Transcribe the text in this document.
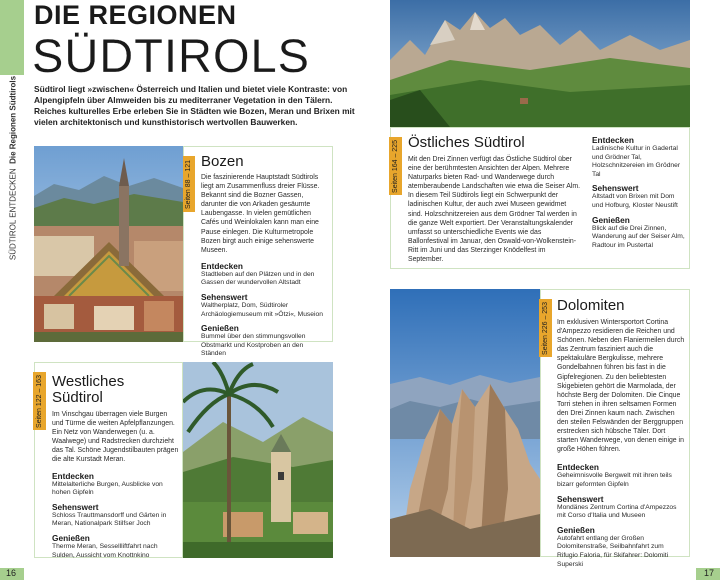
SÜDTIROL ENTDECKEN  Die Regionen Südtirols
DIE REGIONEN
SÜDTIROLS
Südtirol liegt »zwischen« Österreich und Italien und bietet viele Kontraste: von Alpengipfeln über Almweiden bis zu mediterraner Vegetation in den Tälern. Reiches kulturelles Erbe erleben Sie in Städten wie Bozen, Meran und Brixen mit vielen architektonisch und kunsthistorisch wertvollen Bauwerken.
Seiten 88 – 121 Bozen
Die faszinierende Hauptstadt Südtirols liegt am Zusammenfluss dreier Flüsse. Bekannt sind die Bozner Gassen, darunter die von Arkaden gesäumte Laubengasse. In vielen gemütlichen Cafés und Weinlokalen kann man eine Pause einlegen. Die Kulturmetropole Bozen birgt auch einige sehenswerte Museen.
Entdecken
Stadtleben auf den Plätzen und in den Gassen der wundervollen Altstadt
Sehenswert
Waltherplatz, Dom, Südtiroler Archäologiemuseum mit »Ötzi«, Museion
Genießen
Bummel über den stimmungsvollen Obstmarkt und Kostproben an den Ständen
Seiten 122 – 163 Westliches
Südtirol
Im Vinschgau überragen viele Burgen und Türme die weiten Apfelpflanzungen. Ein Netz von Wanderwegen (u. a. Waalwege) und Radstrecken durchzieht das Tal. Schöne Jugendstilbauten prägen die alte Kurstadt Meran.
Entdecken
Mittelalterliche Burgen, Ausblicke von hohen Gipfeln
Sehenswert
Schloss Trauttmansdorff und Gärten in Meran, Nationalpark Stilfser Joch
Genießen
Therme Meran, Sessellliftfahrt nach Sulden, Aussicht vom Knottnkino
16
Seiten 164 – 225 Östliches Südtirol
Mit den Drei Zinnen verfügt das Östliche Südtirol über eine der berühmtesten Ansichten der Alpen. Mehrere Naturparks bieten Rad- und Wanderwege durch atemberaubende Landschaften wie etwa die Seiser Alm. In diesem Teil Südtirols liegt ein Schwerpunkt der ladinischen Kultur, der auch zwei Museen gewidmet sind. Holzschnitzereien aus dem Grödner Tal werden in die ganze Welt exportiert. Der Veranstaltungskalender umfasst so unterschiedliche Events wie das Ballonfestival im Januar, den Oswald-von-Wolkenstein-Ritt im Juni und das Sterzinger Knödelfest im September.
Entdecken
Ladinische Kultur in Gadertal und Grödner Tal, Holzschnitzereien im Grödner Tal
Sehenswert
Altstadt von Brixen mit Dom und Hofburg, Kloster Neustift
Genießen
Blick auf die Drei Zinnen, Wanderung auf der Seiser Alm, Radtour im Pustertal
Seiten 226 – 253 Dolomiten
Im exklusiven Wintersportort Cortina d'Ampezzo residieren die Reichen und Schönen. Neben den Flaniermeilen durch das Zentrum fasziniert auch die spektakuläre Bergkulisse, mehrere Gondelbahnen führen bis fast in die Gipfelregionen. Zu den beliebtesten Skigebieten gehört die Marmolada, der höchste Berg der Dolomiten. Die Cinque Torri stehen in ihren seltsamen Formen den Drei Zinnen kaum nach. Zwischen den steilen Felswänden der Berggruppen erstrecken sich hübsche Täler. Dort starten Wanderwege, von denen einige in große Höhen führen.
Entdecken
Geheimnisvolle Bergwelt mit ihren teils bizarr geformten Gipfeln
Sehenswert
Mondänes Zentrum Cortina d'Ampezzos mit Corso d'Italia und Museen
Genießen
Autofahrt entlang der Großen Dolomitenstraße, Seilbahnfahrt zum Rifugio Faloria, für Skifahrer: Dolomiti Superski
17
